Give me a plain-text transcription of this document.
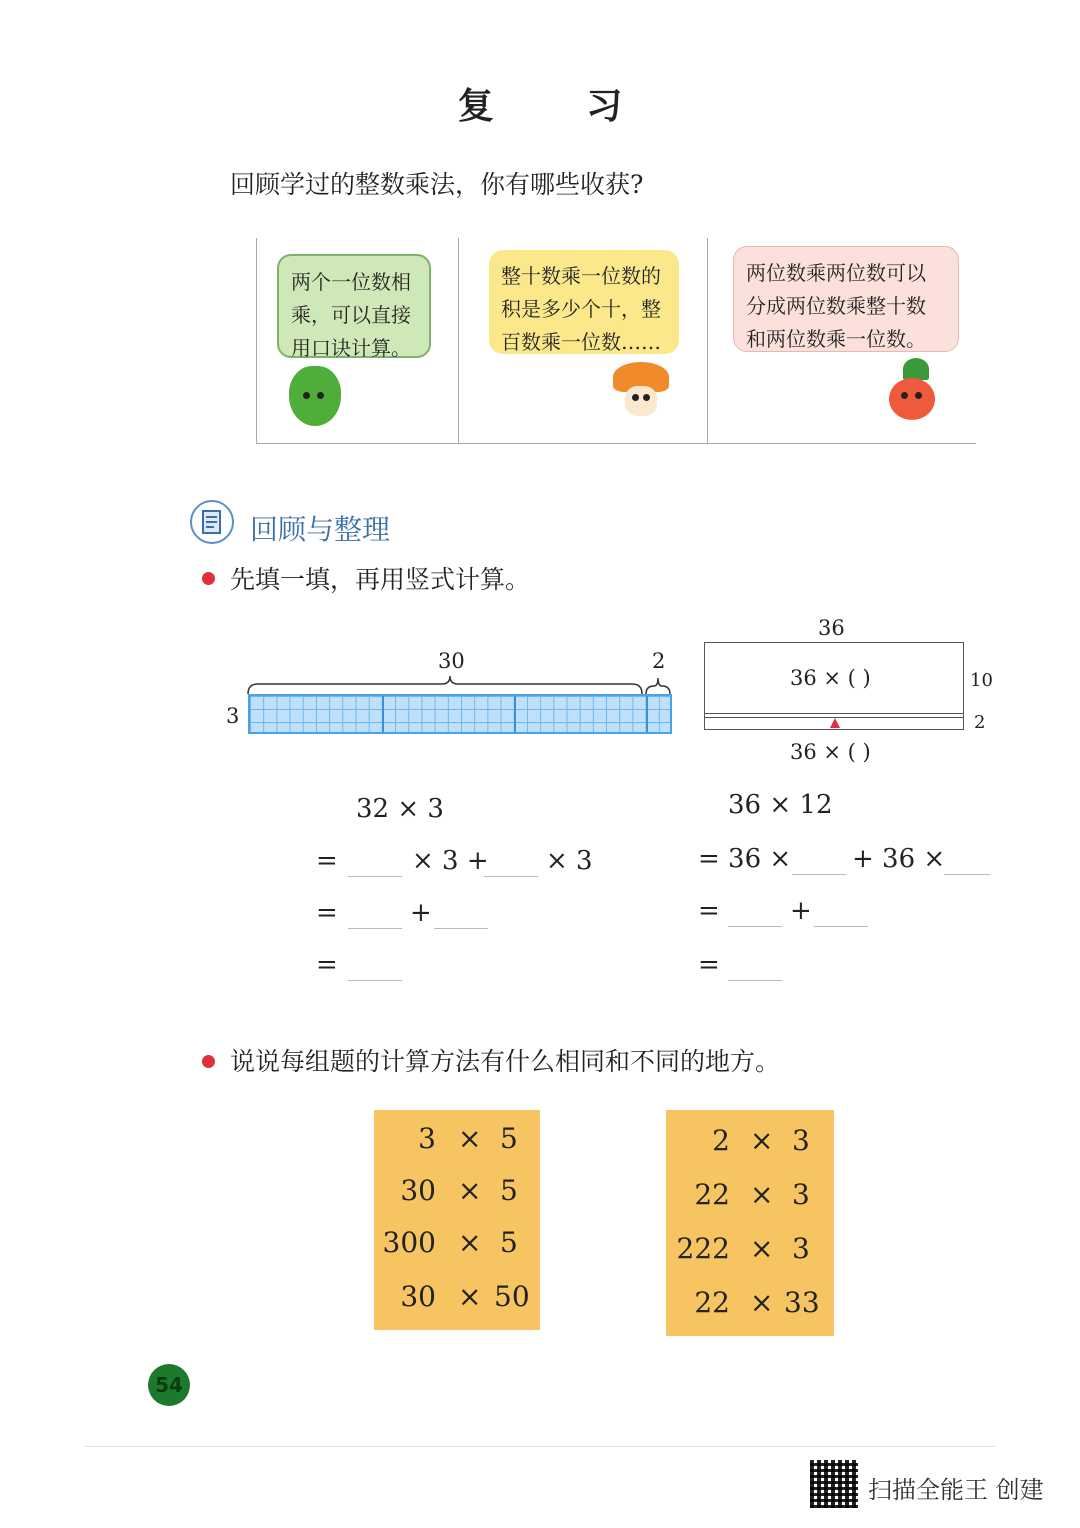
复 习
回顾学过的整数乘法，你有哪些收获?
两个一位数相
乘，可以直接
用口诀计算。
整十数乘一位数的
积是多少个十，整
百数乘一位数……
两位数乘两位数可以
分成两位数乘整十数
和两位数乘一位数。
回顾与整理
先填一填，再用竖式计算。
30	2
3
36
36 × ( )
36 × ( )
10
2
32 × 3
=	× 3 + × 3
=	+
=
36 × 12
= 36 × + 36 ×
=	+
=
说说每组题的计算方法有什么相同和不同的地方。
3 × 5
30 × 5
300 × 5
30 × 50
2 × 3
22 × 3
222 × 3
22 × 33
54
扫描全能王 创建
